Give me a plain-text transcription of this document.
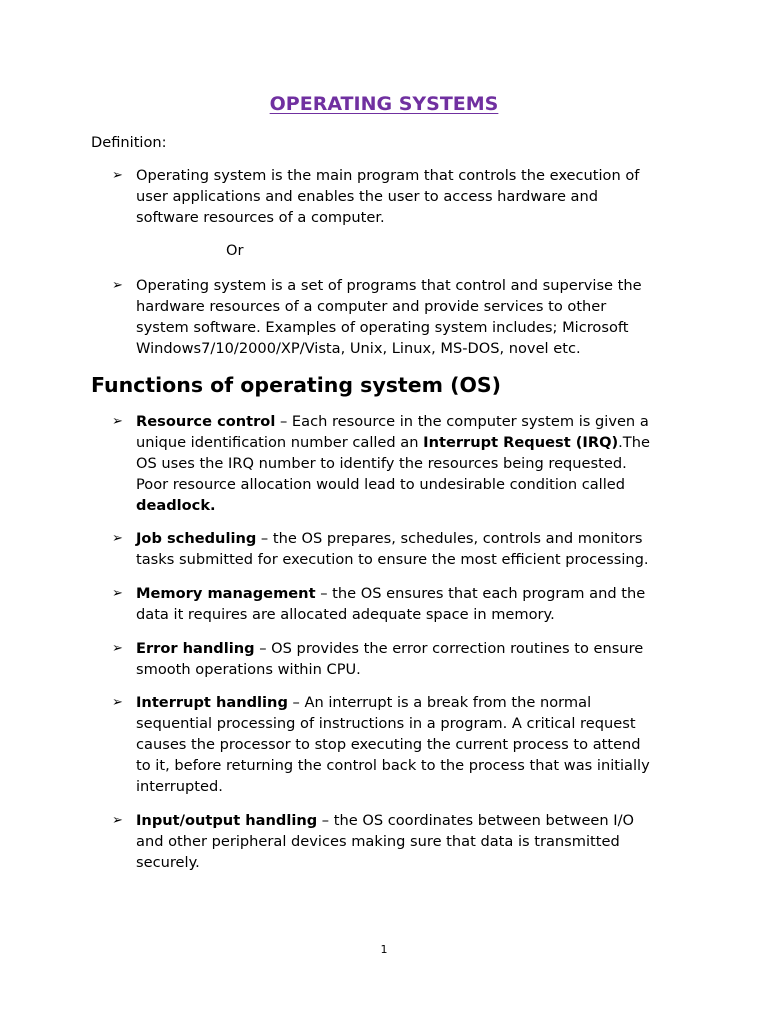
OPERATING SYSTEMS
Definition:
➢ Operating system is the main program that controls the execution of
user applications and enables the user to access hardware and
software resources of a computer.
Or
➢ Operating system is a set of programs that control and supervise the
hardware resources of a computer and provide services to other
system software. Examples of operating system includes; Microsoft
Windows7/10/2000/XP/Vista, Unix, Linux, MS-DOS, novel etc.
Functions of operating system (OS)
➢ Resource control – Each resource in the computer system is given a
unique identification number called an Interrupt Request (IRQ).The
OS uses the IRQ number to identify the resources being requested.
Poor resource allocation would lead to undesirable condition called
deadlock.
➢ Job scheduling – the OS prepares, schedules, controls and monitors
tasks submitted for execution to ensure the most efficient processing.
➢ Memory management – the OS ensures that each program and the
data it requires are allocated adequate space in memory.
➢ Error handling – OS provides the error correction routines to ensure
smooth operations within CPU.
➢ Interrupt handling – An interrupt is a break from the normal
sequential processing of instructions in a program. A critical request
causes the processor to stop executing the current process to attend
to it, before returning the control back to the process that was initially
interrupted.
➢ Input/output handling – the OS coordinates between between I/O
and other peripheral devices making sure that data is transmitted
securely.
1
